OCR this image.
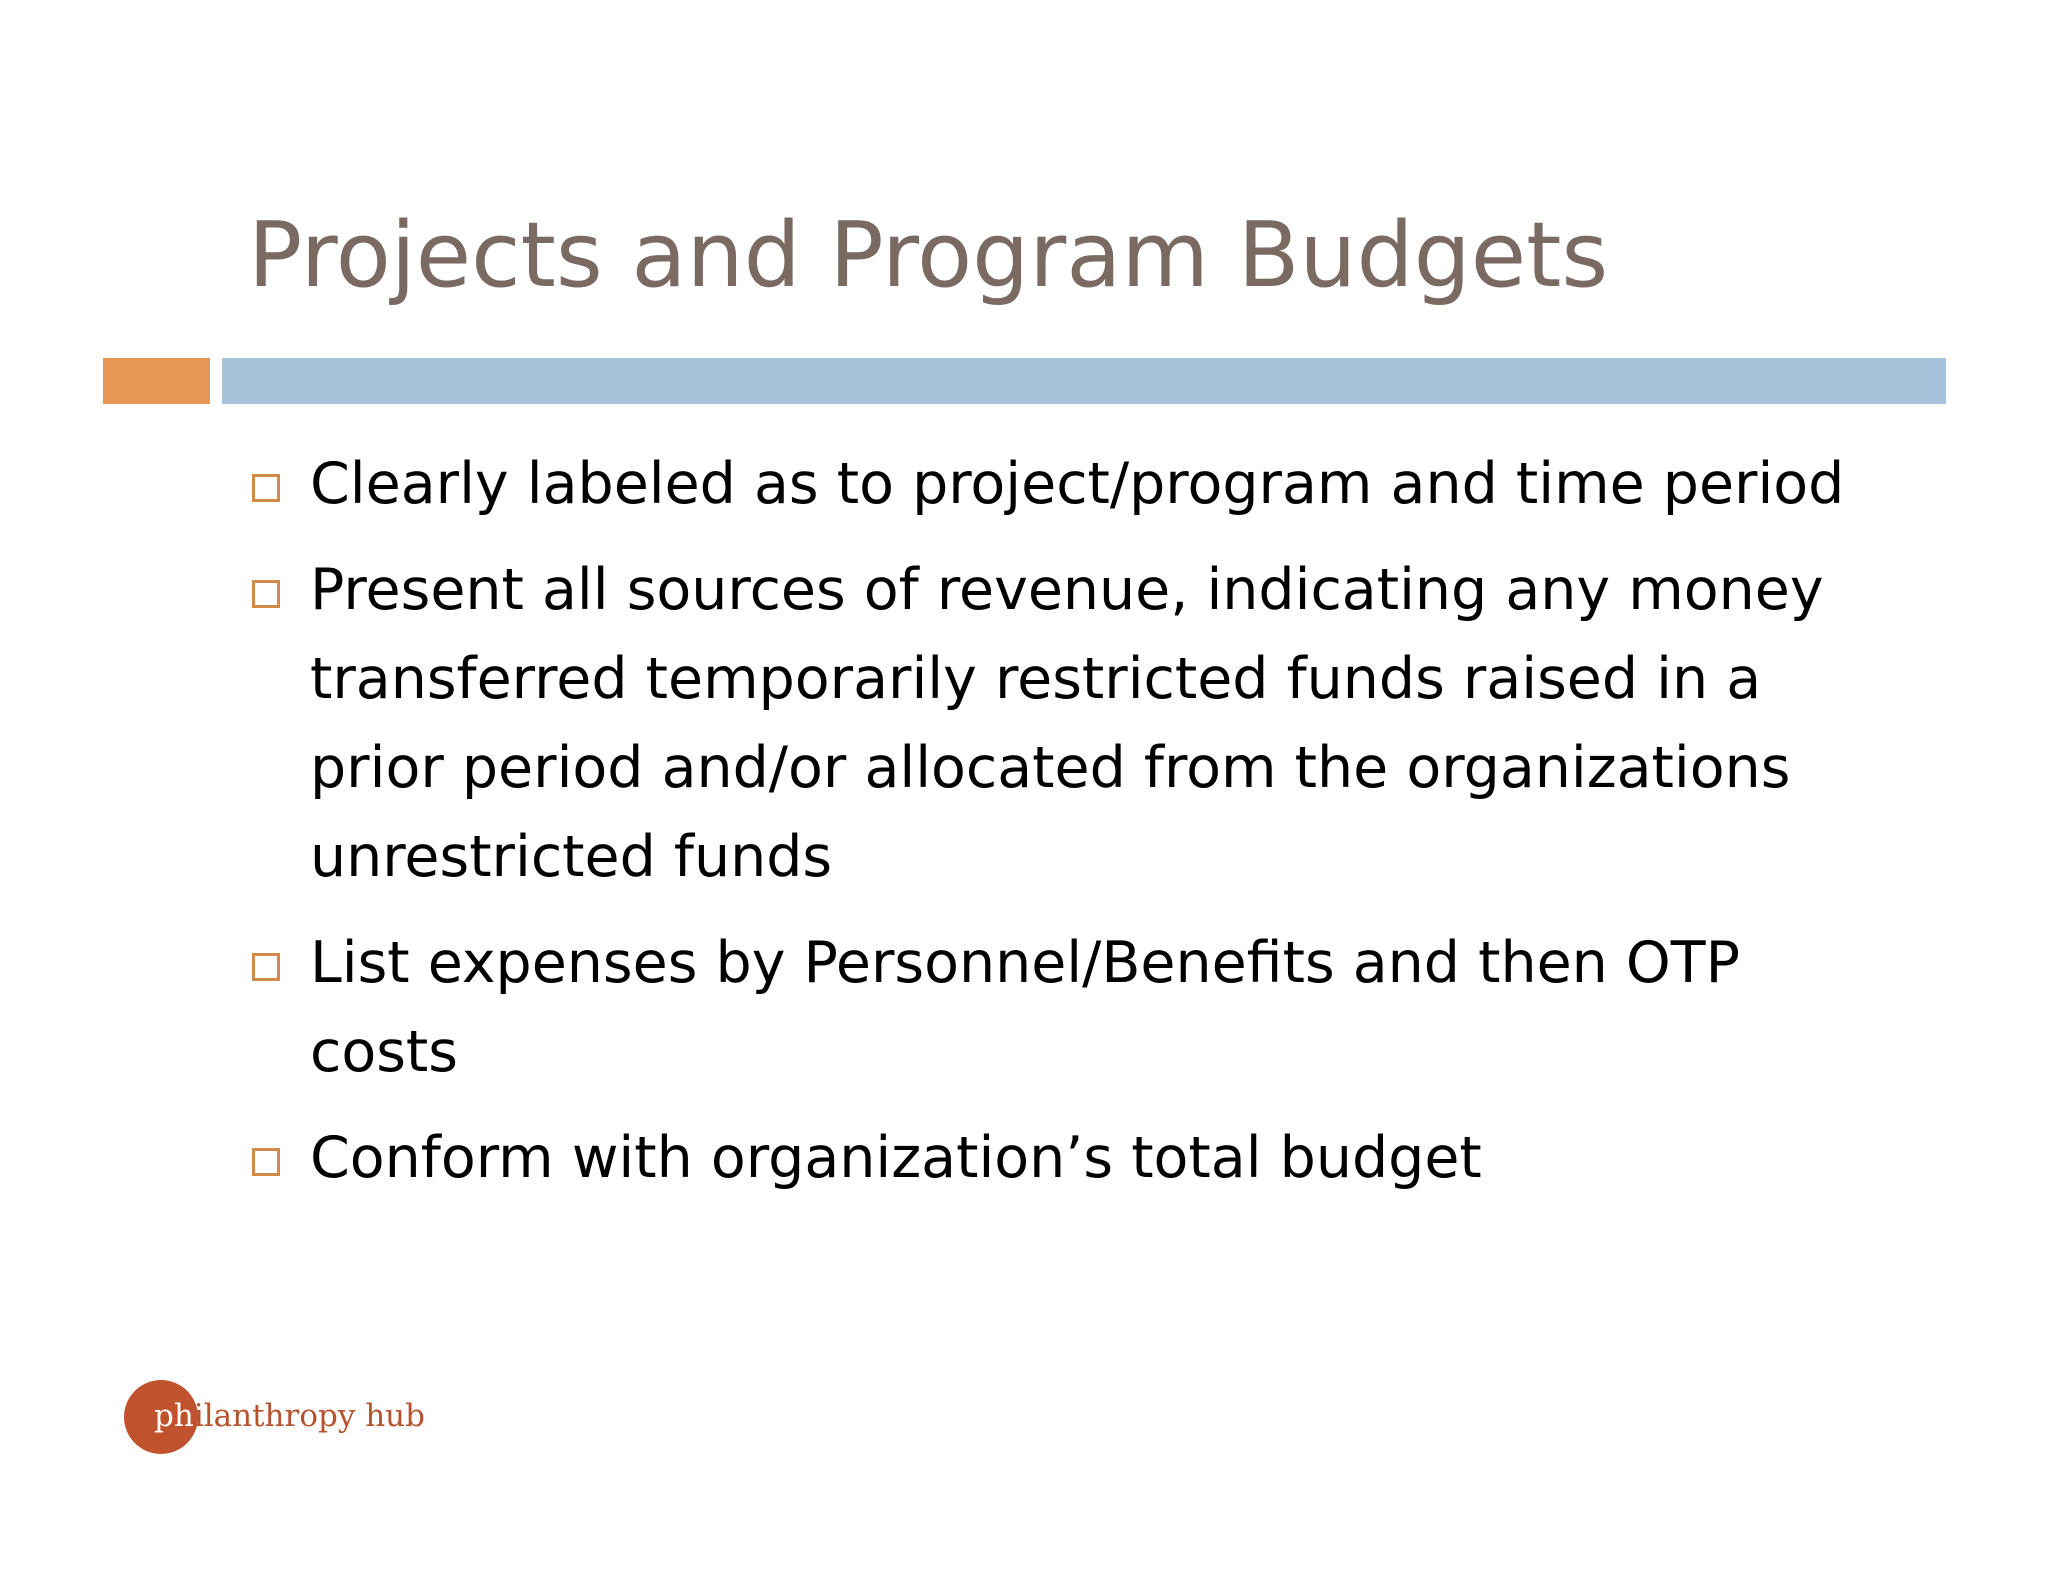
Projects and Program Budgets
Clearly labeled as to project/program and time period
Present all sources of revenue, indicating any money transferred temporarily restricted funds raised in a prior period and/or allocated from the organizations unrestricted funds
List expenses by Personnel/Benefits and then OTP costs
Conform with organization’s total budget
philanthropy hub
